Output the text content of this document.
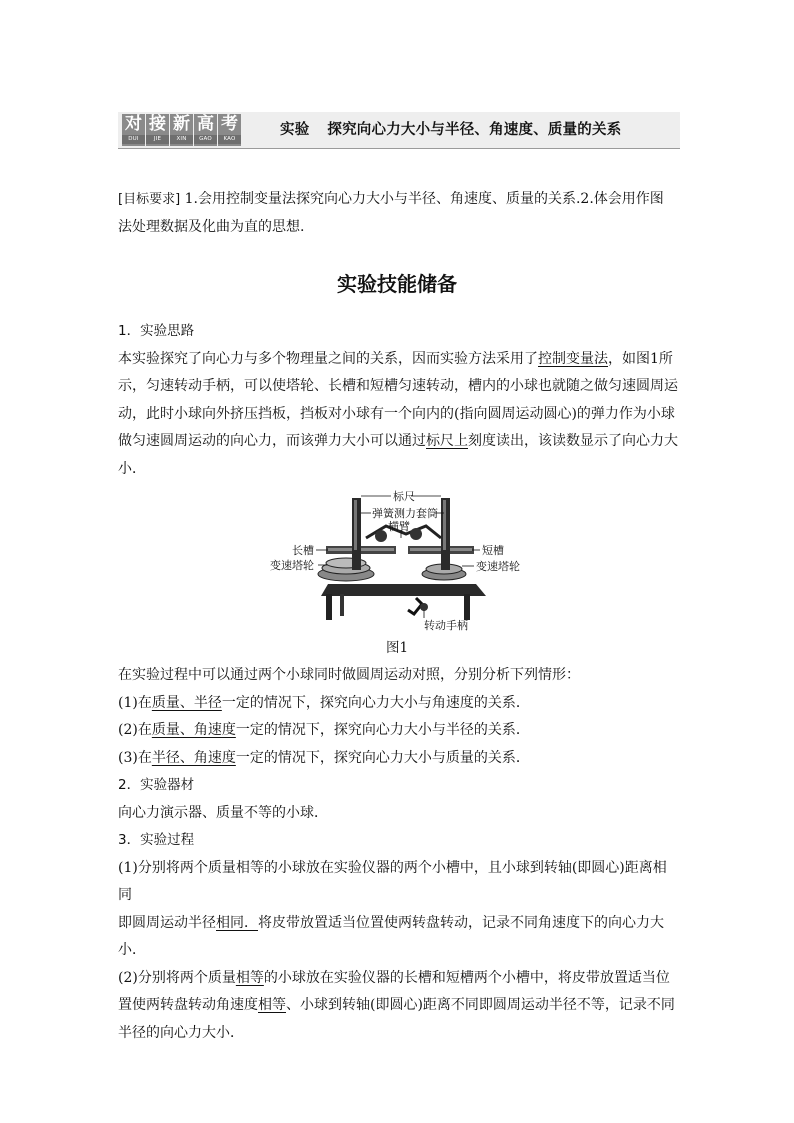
对
DUI
接
JIE
新
XIN
高
GAO
考
KAO
实验 探究向心力大小与半径、角速度、质量的关系

[目标要求] 1.会用控制变量法探究向心力大小与半径、角速度、质量的关系.2.体会用作图

法处理数据及化曲为直的思想.

实验技能储备

1．实验思路

本实验探究了向心力与多个物理量之间的关系，因而实验方法采用了控制变量法，如图1所

示，匀速转动手柄，可以使塔轮、长槽和短槽匀速转动，槽内的小球也就随之做匀速圆周运

动，此时小球向外挤压挡板，挡板对小球有一个向内的(指向圆周运动圆心)的弹力作为小球

做匀速圆周运动的向心力，而该弹力大小可以通过标尺上刻度读出，该读数显示了向心力大

小．

标尺
弹簧测力套筒
横臂
长槽	短槽
变速塔轮	变速塔轮
转动手柄
图1

在实验过程中可以通过两个小球同时做圆周运动对照，分别分析下列情形：

(1)在质量、半径一定的情况下，探究向心力大小与角速度的关系．

(2)在质量、角速度一定的情况下，探究向心力大小与半径的关系．

(3)在半径、角速度一定的情况下，探究向心力大小与质量的关系．

2．实验器材

向心力演示器、质量不等的小球．

3．实验过程

(1)分别将两个质量相等的小球放在实验仪器的两个小槽中，且小球到转轴(即圆心)距离相同

即圆周运动半径相同．将皮带放置适当位置使两转盘转动，记录不同角速度下的向心力大

小．

(2)分别将两个质量相等的小球放在实验仪器的长槽和短槽两个小槽中，将皮带放置适当位

置使两转盘转动角速度相等、小球到转轴(即圆心)距离不同即圆周运动半径不等，记录不同

半径的向心力大小．
